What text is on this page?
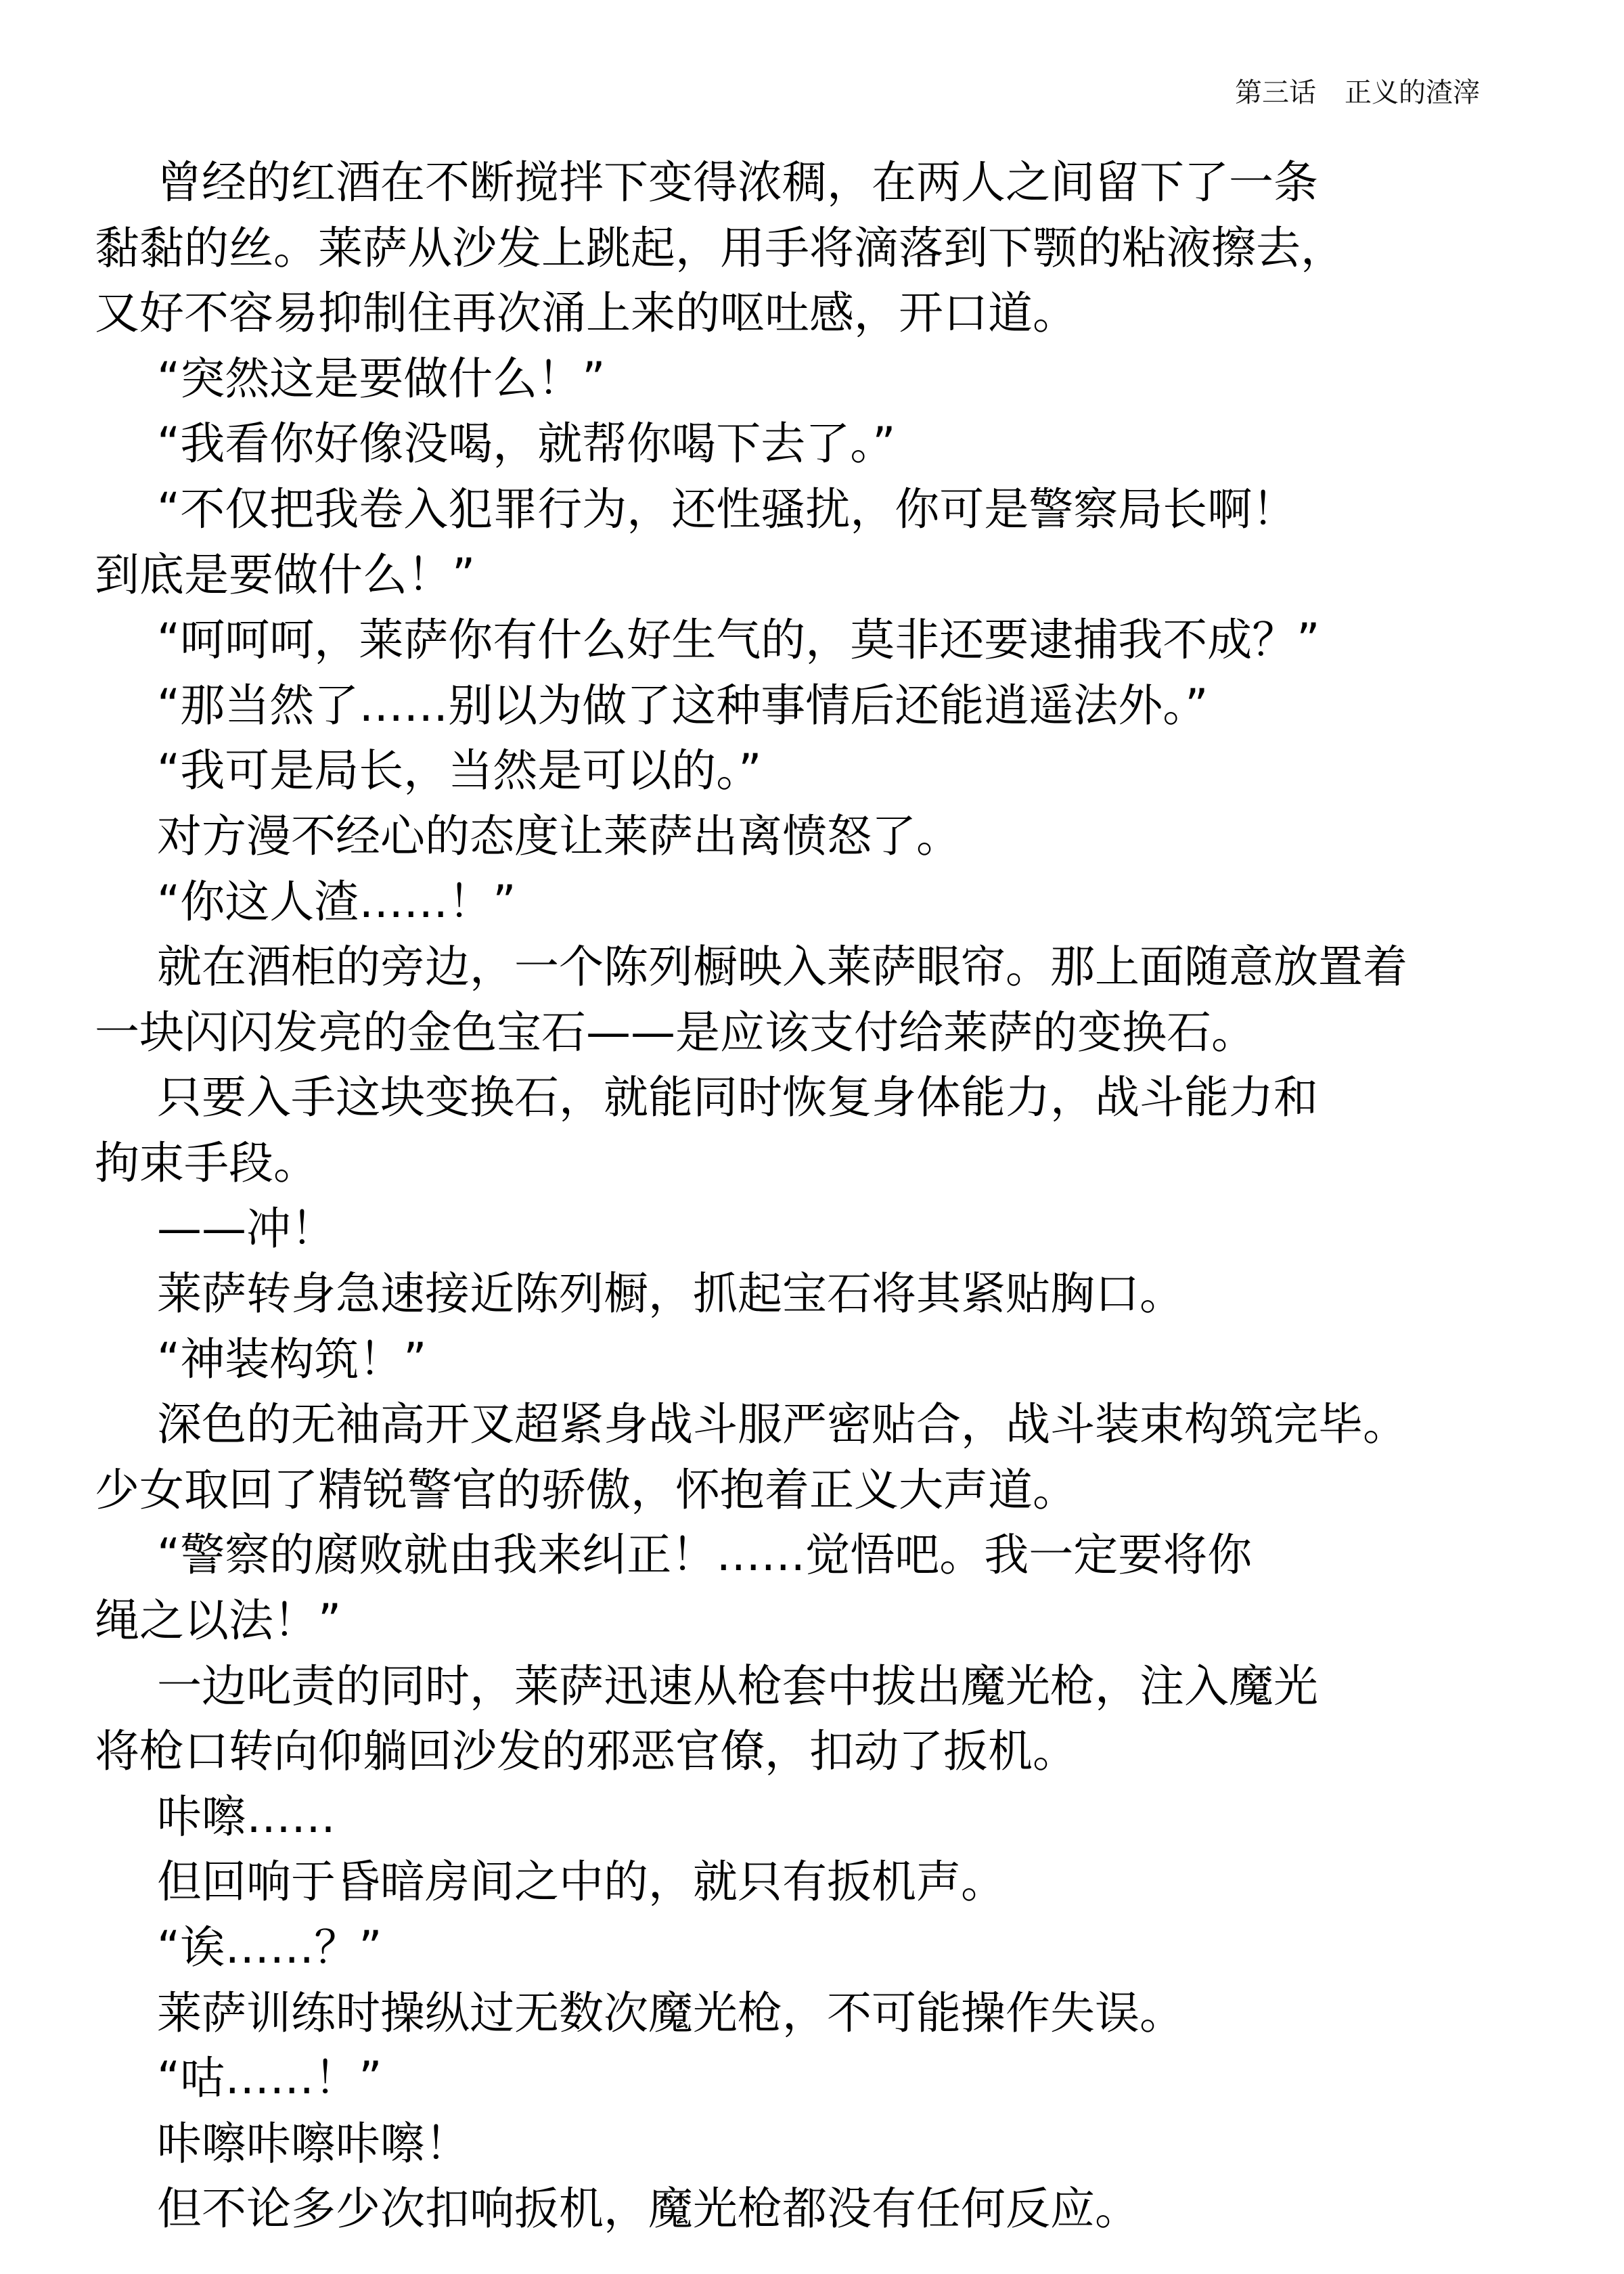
第三话 正义的渣滓
曾经的红酒在不断搅拌下变得浓稠，在两人之间留下了一条
黏黏的丝。莱萨从沙发上跳起，用手将滴落到下颚的粘液擦去，
又好不容易抑制住再次涌上来的呕吐感，开口道。
“突然这是要做什么！”
“我看你好像没喝，就帮你喝下去了。”
“不仅把我卷入犯罪行为，还性骚扰，你可是警察局长啊！
到底是要做什么！”
“呵呵呵，莱萨你有什么好生气的，莫非还要逮捕我不成？”
“那当然了……别以为做了这种事情后还能逍遥法外。”
“我可是局长，当然是可以的。”
对方漫不经心的态度让莱萨出离愤怒了。
“你这人渣……！”
就在酒柜的旁边，一个陈列橱映入莱萨眼帘。那上面随意放置着
一块闪闪发亮的金色宝石——是应该支付给莱萨的变换石。
只要入手这块变换石，就能同时恢复身体能力，战斗能力和
拘束手段。
——冲！
莱萨转身急速接近陈列橱，抓起宝石将其紧贴胸口。
“神装构筑！”
深色的无袖高开叉超紧身战斗服严密贴合，战斗装束构筑完毕。
少女取回了精锐警官的骄傲，怀抱着正义大声道。
“警察的腐败就由我来纠正！……觉悟吧。我一定要将你
绳之以法！”
一边叱责的同时，莱萨迅速从枪套中拔出魔光枪，注入魔光
将枪口转向仰躺回沙发的邪恶官僚，扣动了扳机。
咔嚓……
但回响于昏暗房间之中的，就只有扳机声。
“诶……？”
莱萨训练时操纵过无数次魔光枪，不可能操作失误。
“咕……！”
咔嚓咔嚓咔嚓！
但不论多少次扣响扳机，魔光枪都没有任何反应。
